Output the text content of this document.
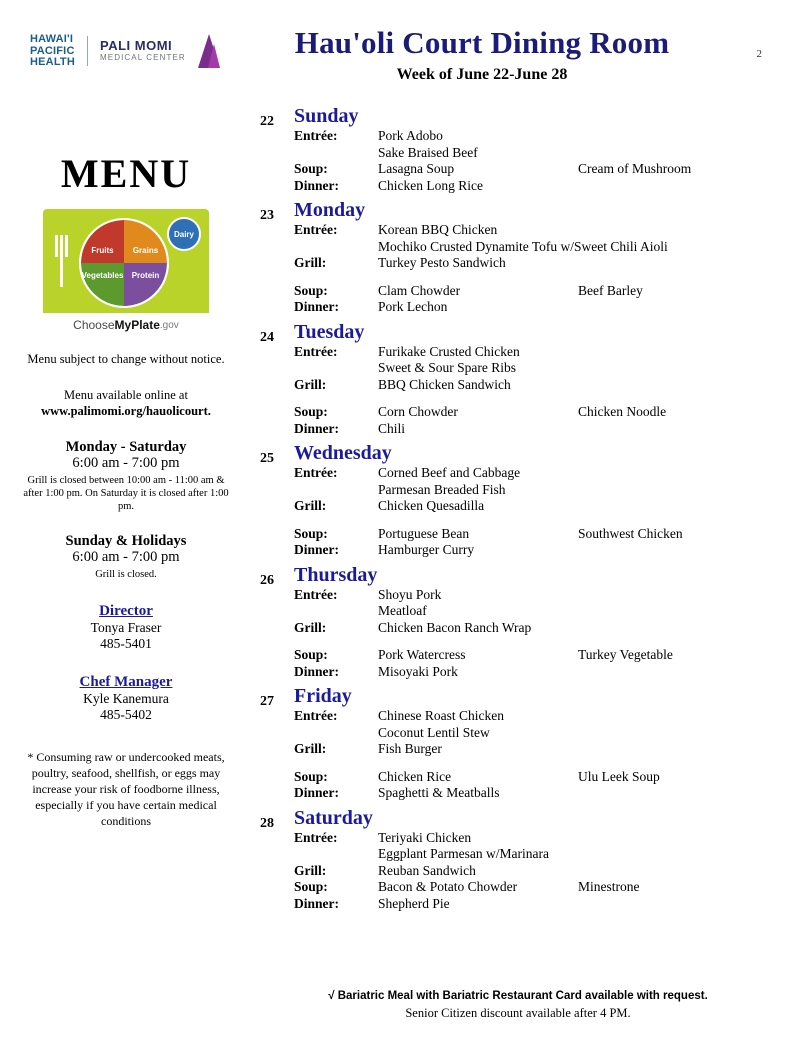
HAWAI'I
PACIFIC
HEALTH
PALI MOMI
MEDICAL CENTER	Hau'oli Court Dining Room
Week of June 22-June 28
2
MENU
Fruits	Grains
Vegetables	Protein
Dairy
Choose MyPlate .gov
Menu subject to change without notice.
Menu available online at
www.palimomi.org/hauolicourt.
Monday - Saturday
6:00 am - 7:00 pm
Grill is closed between 10:00 am - 11:00 am & after 1:00 pm. On Saturday it is closed after 1:00 pm.
Sunday & Holidays
6:00 am - 7:00 pm
Grill is closed.
Director
Tonya Fraser
485-5401
Chef Manager
Kyle Kanemura
485-5402
* Consuming raw or undercooked meats, poultry, seafood, shellfish, or eggs may increase your risk of foodborne illness, especially if you have certain medical conditions
22 Sunday
Entrée:	Pork Adobo
Sake Braised Beef
Soup:	Lasagna Soup	Cream of Mushroom
Dinner:	Chicken Long Rice
23 Monday
Entrée:	Korean BBQ Chicken
Mochiko Crusted Dynamite Tofu w/Sweet Chili Aioli
Grill:	Turkey Pesto Sandwich
Soup:	Clam Chowder	Beef Barley
Dinner:	Pork Lechon
24 Tuesday
Entrée:	Furikake Crusted Chicken
Sweet & Sour Spare Ribs
Grill:	BBQ Chicken Sandwich
Soup:	Corn Chowder	Chicken Noodle
Dinner:	Chili
25 Wednesday
Entrée:	Corned Beef and Cabbage
Parmesan Breaded Fish
Grill:	Chicken Quesadilla
Soup:	Portuguese Bean	Southwest Chicken
Dinner:	Hamburger Curry
26 Thursday
Entrée:	Shoyu Pork
Meatloaf
Grill:	Chicken Bacon Ranch Wrap
Soup:	Pork Watercress	Turkey Vegetable
Dinner:	Misoyaki Pork
27 Friday
Entrée:	Chinese Roast Chicken
Coconut Lentil Stew
Grill:	Fish Burger
Soup:	Chicken Rice	Ulu Leek Soup
Dinner:	Spaghetti & Meatballs
28 Saturday
Entrée:	Teriyaki Chicken
Eggplant Parmesan w/Marinara
Grill:	Reuban Sandwich
Soup:	Bacon & Potato Chowder	Minestrone
Dinner:	Shepherd Pie
√ Bariatric Meal with Bariatric Restaurant Card available with request.
Senior Citizen discount available after 4 PM.
